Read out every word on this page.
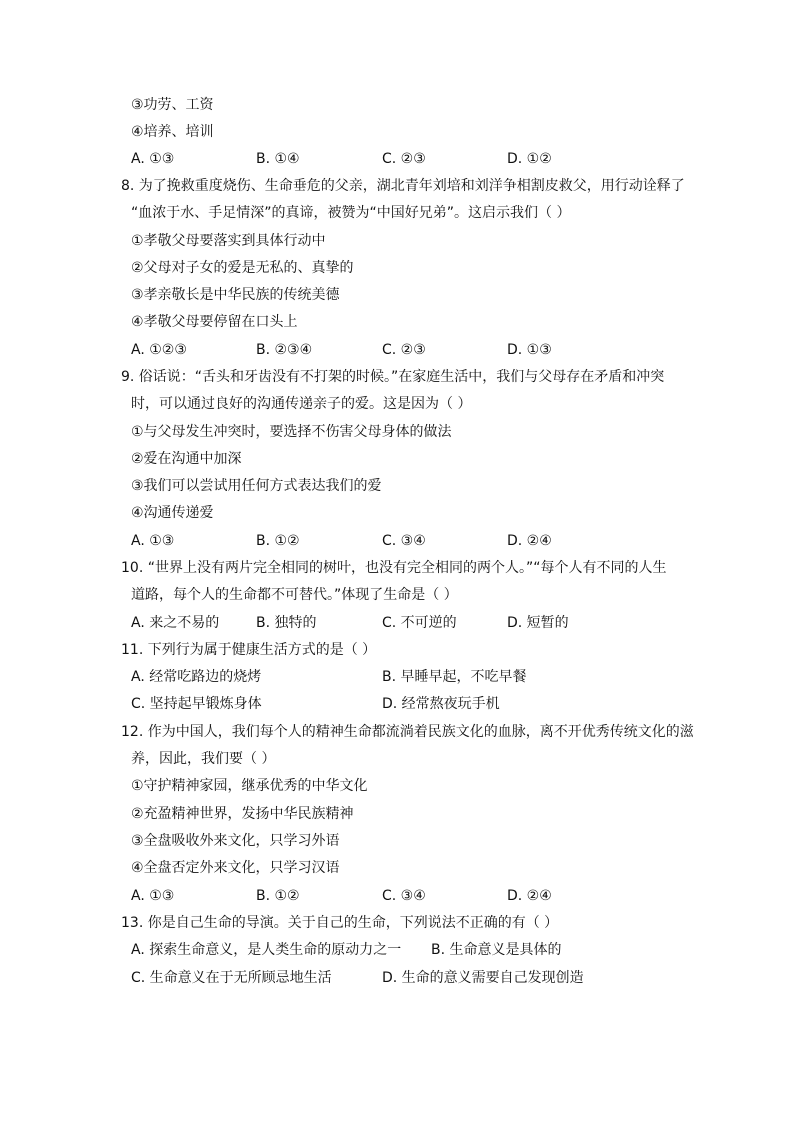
③功劳、工资
④培养、培训
A. ①③	B. ①④	C. ②③	D. ①②
8. 为了挽救重度烧伤、生命垂危的父亲，湖北青年刘培和刘洋争相割皮救父，用行动诠释了
“血浓于水、手足情深”的真谛，被赞为“中国好兄弟”。这启示我们（ ）
①孝敬父母要落实到具体行动中
②父母对子女的爱是无私的、真挚的
③孝亲敬长是中华民族的传统美德
④孝敬父母要停留在口头上
A. ①②③	B. ②③④	C. ②③	D. ①③
9. 俗话说：“舌头和牙齿没有不打架的时候。”在家庭生活中，我们与父母存在矛盾和冲突
时，可以通过良好的沟通传递亲子的爱。这是因为（ ）
①与父母发生冲突时，要选择不伤害父母身体的做法
②爱在沟通中加深
③我们可以尝试用任何方式表达我们的爱
④沟通传递爱
A. ①③	B. ①②	C. ③④	D. ②④
10. “世界上没有两片完全相同的树叶，也没有完全相同的两个人。”“每个人有不同的人生
道路，每个人的生命都不可替代。”体现了生命是（ ）
A. 来之不易的	B. 独特的	C. 不可逆的	D. 短暂的
11. 下列行为属于健康生活方式的是（ ）
A. 经常吃路边的烧烤	B. 早睡早起，不吃早餐
C. 坚持起早锻炼身体	D. 经常熬夜玩手机
12. 作为中国人，我们每个人的精神生命都流淌着民族文化的血脉，离不开优秀传统文化的滋
养，因此，我们要（ ）
①守护精神家园，继承优秀的中华文化
②充盈精神世界，发扬中华民族精神
③全盘吸收外来文化，只学习外语
④全盘否定外来文化，只学习汉语
A. ①③	B. ①②	C. ③④	D. ②④
13. 你是自己生命的导演。关于自己的生命，下列说法不正确的有（ ）
A. 探索生命意义，是人类生命的原动力之一 B. 生命意义是具体的
C. 生命意义在于无所顾忌地生活	D. 生命的意义需要自己发现创造
